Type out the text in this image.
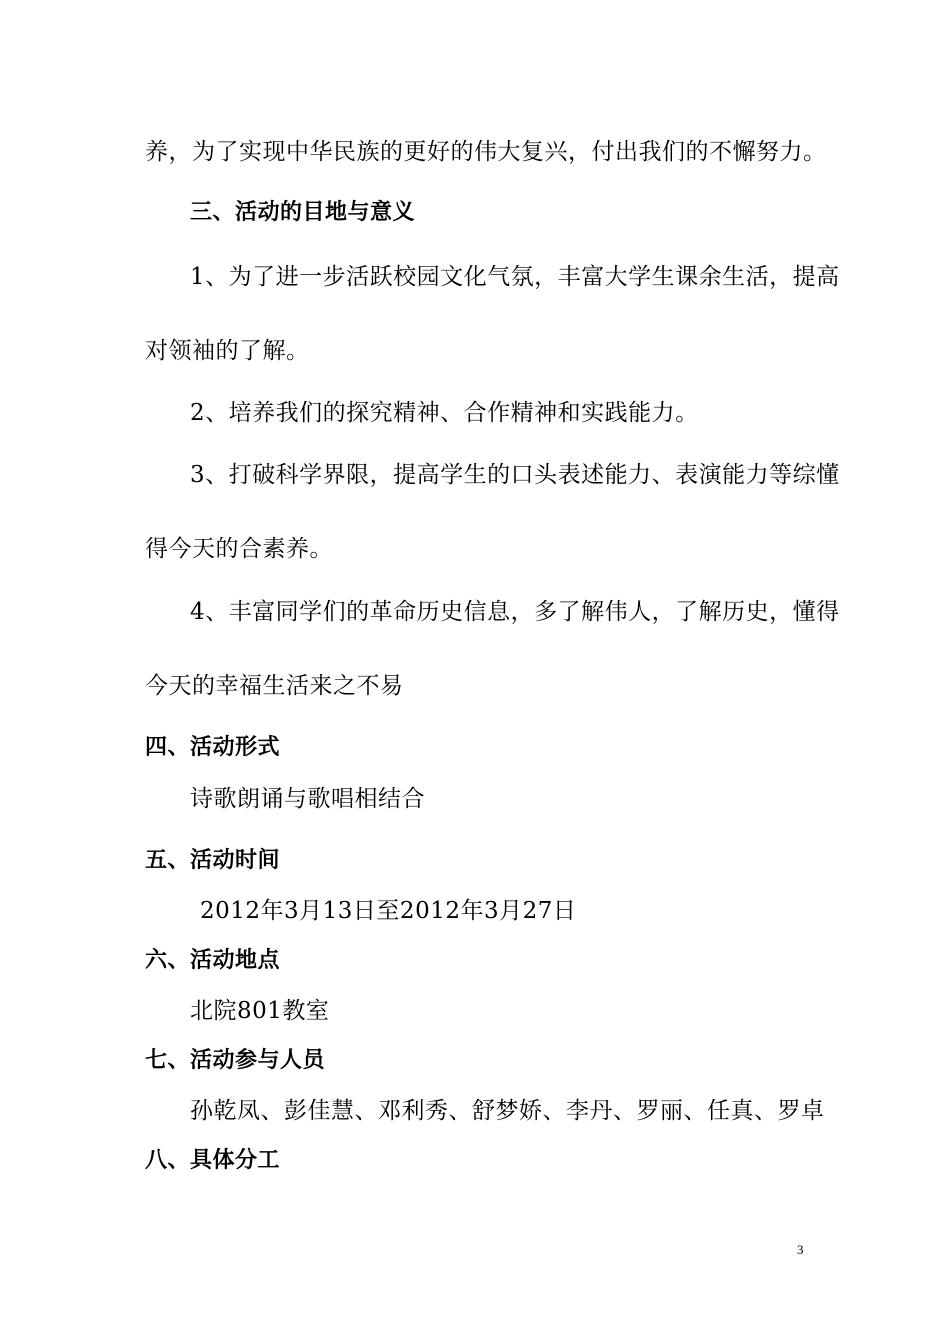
养，为了实现中华民族的更好的伟大复兴，付出我们的不懈努力。
三、活动的目地与意义
1、为了进一步活跃校园文化气氛，丰富大学生课余生活，提高
对领袖的了解。
2、培养我们的探究精神、合作精神和实践能力。
3、打破科学界限，提高学生的口头表述能力、表演能力等综懂
得今天的合素养。
4、丰富同学们的革命历史信息，多了解伟人，了解历史，懂得
今天的幸福生活来之不易
四、活动形式
诗歌朗诵与歌唱相结合
五、活动时间
2012年3月13日至2012年3月27日
六、活动地点
北院801教室
七、活动参与人员
孙乾凤、彭佳慧、邓利秀、舒梦娇、李丹、罗丽、任真、罗卓
八、具体分工
3
